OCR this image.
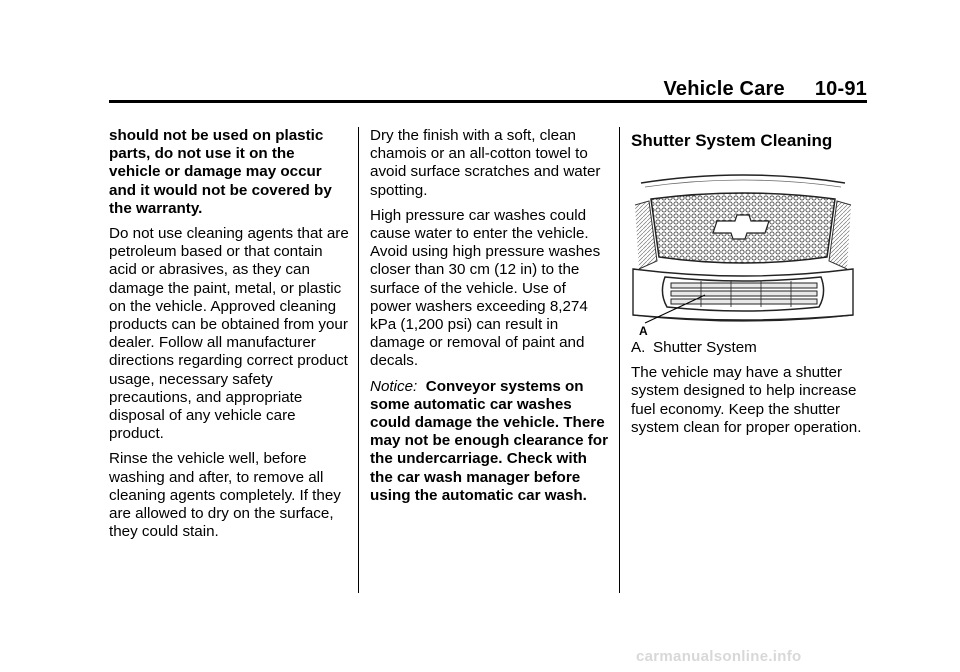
Vehicle Care 10-91

should not be used on plastic parts, do not use it on the vehicle or damage may occur and it would not be covered by the warranty.

Do not use cleaning agents that are petroleum based or that contain acid or abrasives, as they can damage the paint, metal, or plastic on the vehicle. Approved cleaning products can be obtained from your dealer. Follow all manufacturer directions regarding correct product usage, necessary safety precautions, and appropriate disposal of any vehicle care product.

Rinse the vehicle well, before washing and after, to remove all cleaning agents completely. If they are allowed to dry on the surface, they could stain.

Dry the finish with a soft, clean chamois or an all-cotton towel to avoid surface scratches and water spotting.

High pressure car washes could cause water to enter the vehicle. Avoid using high pressure washes closer than 30 cm (12 in) to the surface of the vehicle. Use of power washers exceeding 8,274 kPa (1,200 psi) can result in damage or removal of paint and decals.

Notice: Conveyor systems on some automatic car washes could damage the vehicle. There may not be enough clearance for the undercarriage. Check with the car wash manager before using the automatic car wash.

Shutter System Cleaning
A

A. Shutter System

The vehicle may have a shutter system designed to help increase fuel economy. Keep the shutter system clean for proper operation.

carmanualsonline.info
